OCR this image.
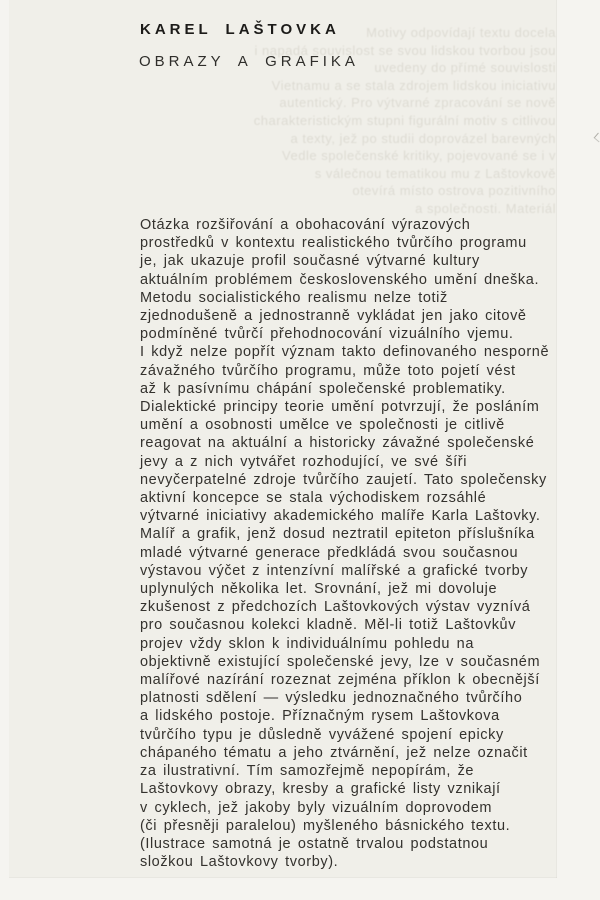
Motivy odpovídají textu docela
i napadá souvislost se svou lidskou tvorbou jsou
uvedeny do přímé souvislosti
Vietnamu a se stala zdrojem lidskou iniciativu
autentický. Pro výtvarné zpracování se nově
charakteristickým stupni figurální motiv s citlivou
a texty, jež po studii doprovázel barevných
Vedle společenské kritiky, pojevované se i v
s válečnou tematikou mu z Laštovkově
otevírá místo ostrova pozitivního
a společnosti. Materiál
KAREL LAŠTOVKA
OBRAZY A GRAFIKA
Otázka rozšiřování a obohacování výrazových
prostředků v kontextu realistického tvůrčího programu
je, jak ukazuje profil současné výtvarné kultury
aktuálním problémem československého umění dneška.
Metodu socialistického realismu nelze totiž
zjednodušeně a jednostranně vykládat jen jako citově
podmíněné tvůrčí přehodnocování vizuálního vjemu.
I když nelze popřít význam takto definovaného nesporně
závažného tvůrčího programu, může toto pojetí vést
až k pasívnímu chápání společenské problematiky.
Dialektické principy teorie umění potvrzují, že posláním
umění a osobnosti umělce ve společnosti je citlivě
reagovat na aktuální a historicky závažné společenské
jevy a z nich vytvářet rozhodující, ve své šíři
nevyčerpatelné zdroje tvůrčího zaujetí. Tato společensky
aktivní koncepce se stala východiskem rozsáhlé
výtvarné iniciativy akademického malíře Karla Laštovky.
Malíř a grafik, jenž dosud neztratil epiteton příslušníka
mladé výtvarné generace předkládá svou současnou
výstavou výčet z intenzívní malířské a grafické tvorby
uplynulých několika let. Srovnání, jež mi dovoluje
zkušenost z předchozích Laštovkových výstav vyznívá
pro současnou kolekci kladně. Měl-li totiž Laštovkův
projev vždy sklon k individuálnímu pohledu na
objektivně existující společenské jevy, lze v současném
malířové nazírání rozeznat zejména příklon k obecnější
platnosti sdělení — výsledku jednoznačného tvůrčího
a lidského postoje. Příznačným rysem Laštovkova
tvůrčího typu je důsledně vyvážené spojení epicky
chápaného tématu a jeho ztvárnění, jež nelze označit
za ilustrativní. Tím samozřejmě nepopírám, že
Laštovkovy obrazy, kresby a grafické listy vznikají
v cyklech, jež jakoby byly vizuálním doprovodem
(či přesněji paralelou) myšleného básnického textu.
(Ilustrace samotná je ostatně trvalou podstatnou
složkou Laštovkovy tvorby).
